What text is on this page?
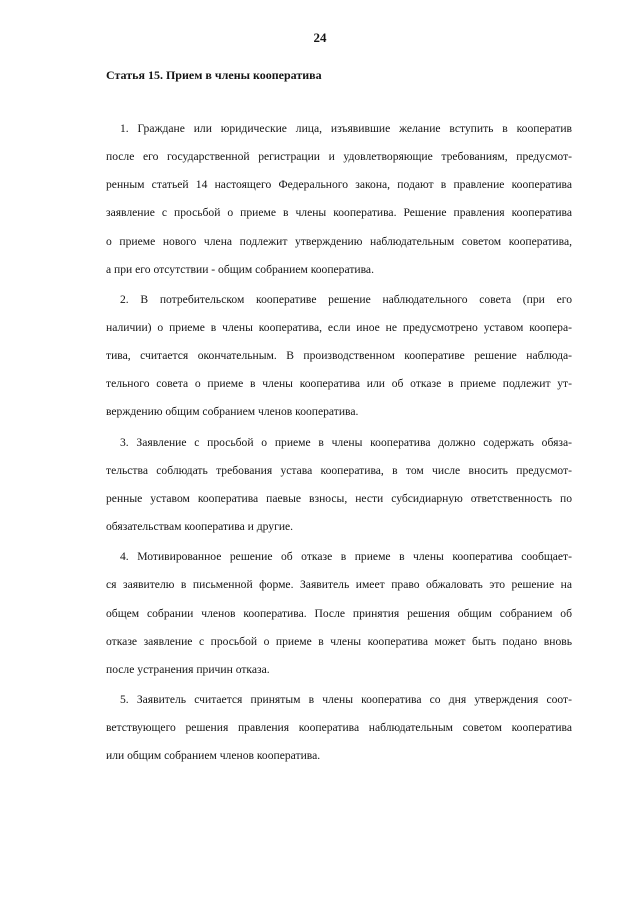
24
Статья 15. Прием в члены кооператива
1. Граждане или юридические лица, изъявившие желание вступить в кооператив
после его государственной регистрации и удовлетворяющие требованиям, предусмот-
ренным статьей 14 настоящего Федерального закона, подают в правление кооператива
заявление с просьбой о приеме в члены кооператива. Решение правления кооператива
о приеме нового члена подлежит утверждению наблюдательным советом кооператива,
а при его отсутствии - общим собранием кооператива.
2. В потребительском кооперативе решение наблюдательного совета (при его
наличии) о приеме в члены кооператива, если иное не предусмотрено уставом коопера-
тива, считается окончательным. В производственном кооперативе решение наблюда-
тельного совета о приеме в члены кооператива или об отказе в приеме подлежит ут-
верждению общим собранием членов кооператива.
3. Заявление с просьбой о приеме в члены кооператива должно содержать обяза-
тельства соблюдать требования устава кооператива, в том числе вносить предусмот-
ренные уставом кооператива паевые взносы, нести субсидиарную ответственность по
обязательствам кооператива и другие.
4. Мотивированное решение об отказе в приеме в члены кооператива сообщает-
ся заявителю в письменной форме. Заявитель имеет право обжаловать это решение на
общем собрании членов кооператива. После принятия решения общим собранием об
отказе заявление с просьбой о приеме в члены кооператива может быть подано вновь
после устранения причин отказа.
5. Заявитель считается принятым в члены кооператива со дня утверждения соот-
ветствующего решения правления кооператива наблюдательным советом кооператива
или общим собранием членов кооператива.
